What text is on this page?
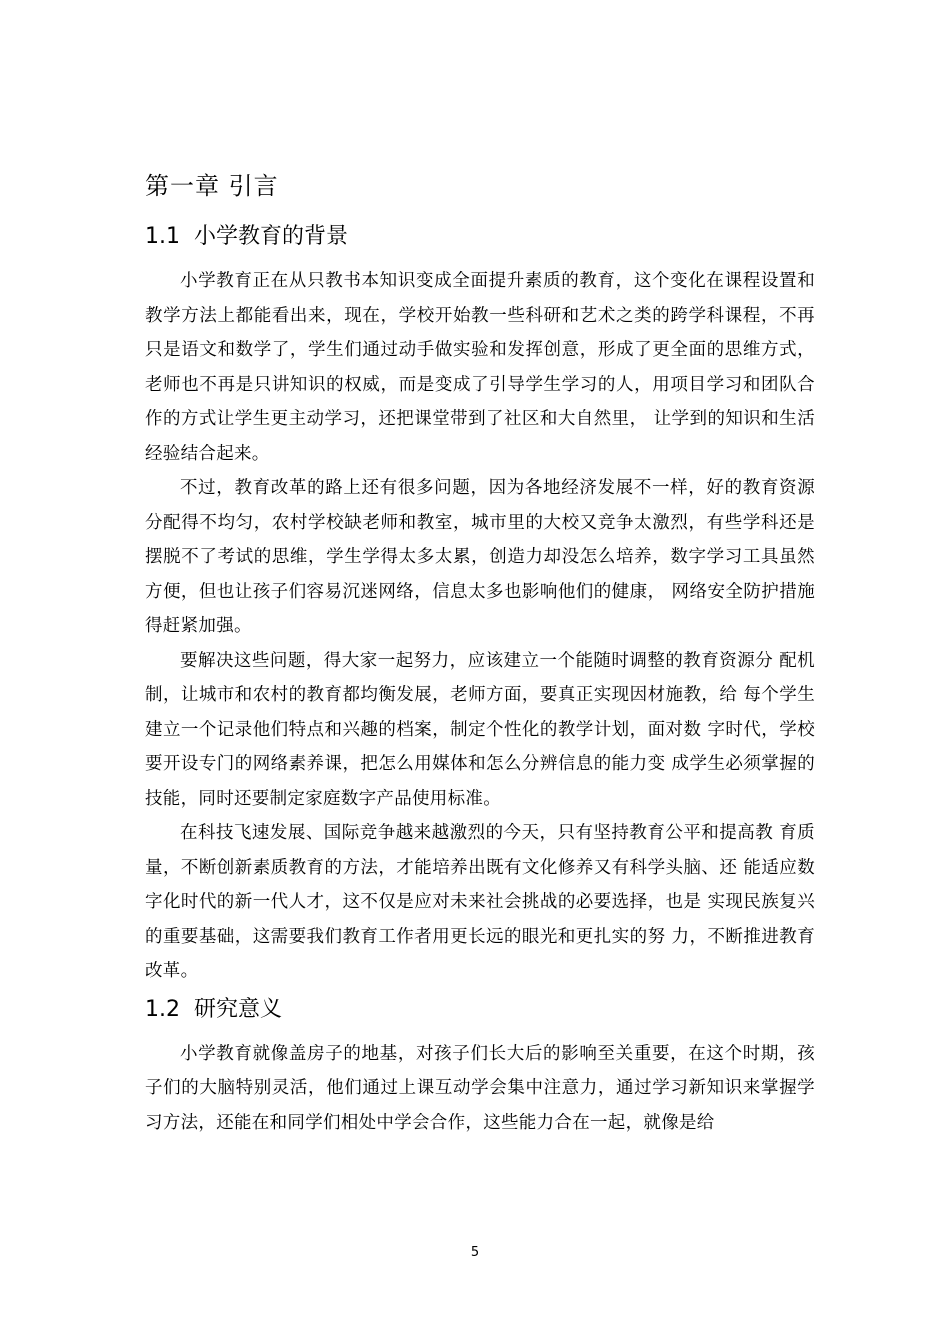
第一章 引言
1.1 小学教育的背景

小学教育正在从只教书本知识变成全面提升素质的教育，这个变化在课程设置和教学方法上都能看出来，现在，学校开始教一些科研和艺术之类的跨学科课程，不再只是语文和数学了，学生们通过动手做实验和发挥创意，形成了更全面的思维方式，老师也不再是只讲知识的权威，而是变成了引导学生学习的人，用项目学习和团队合作的方式让学生更主动学习，还把课堂带到了社区和大自然里， 让学到的知识和生活经验结合起来。

不过，教育改革的路上还有很多问题，因为各地经济发展不一样，好的教育资源分配得不均匀，农村学校缺老师和教室，城市里的大校又竞争太激烈，有些学科还是摆脱不了考试的思维，学生学得太多太累，创造力却没怎么培养，数字学习工具虽然方便，但也让孩子们容易沉迷网络，信息太多也影响他们的健康， 网络安全防护措施得赶紧加强。

要解决这些问题，得大家一起努力，应该建立一个能随时调整的教育资源分 配机制，让城市和农村的教育都均衡发展，老师方面，要真正实现因材施教，给 每个学生建立一个记录他们特点和兴趣的档案，制定个性化的教学计划，面对数 字时代，学校要开设专门的网络素养课，把怎么用媒体和怎么分辨信息的能力变 成学生必须掌握的技能，同时还要制定家庭数字产品使用标准。

在科技飞速发展、国际竞争越来越激烈的今天，只有坚持教育公平和提高教 育质量，不断创新素质教育的方法，才能培养出既有文化修养又有科学头脑、还 能适应数字化时代的新一代人才，这不仅是应对未来社会挑战的必要选择，也是 实现民族复兴的重要基础，这需要我们教育工作者用更长远的眼光和更扎实的努 力，不断推进教育改革。

1.2 研究意义

小学教育就像盖房子的地基，对孩子们长大后的影响至关重要，在这个时期，孩子们的大脑特别灵活，他们通过上课互动学会集中注意力，通过学习新知识来掌握学习方法，还能在和同学们相处中学会合作，这些能力合在一起，就像是给

5
